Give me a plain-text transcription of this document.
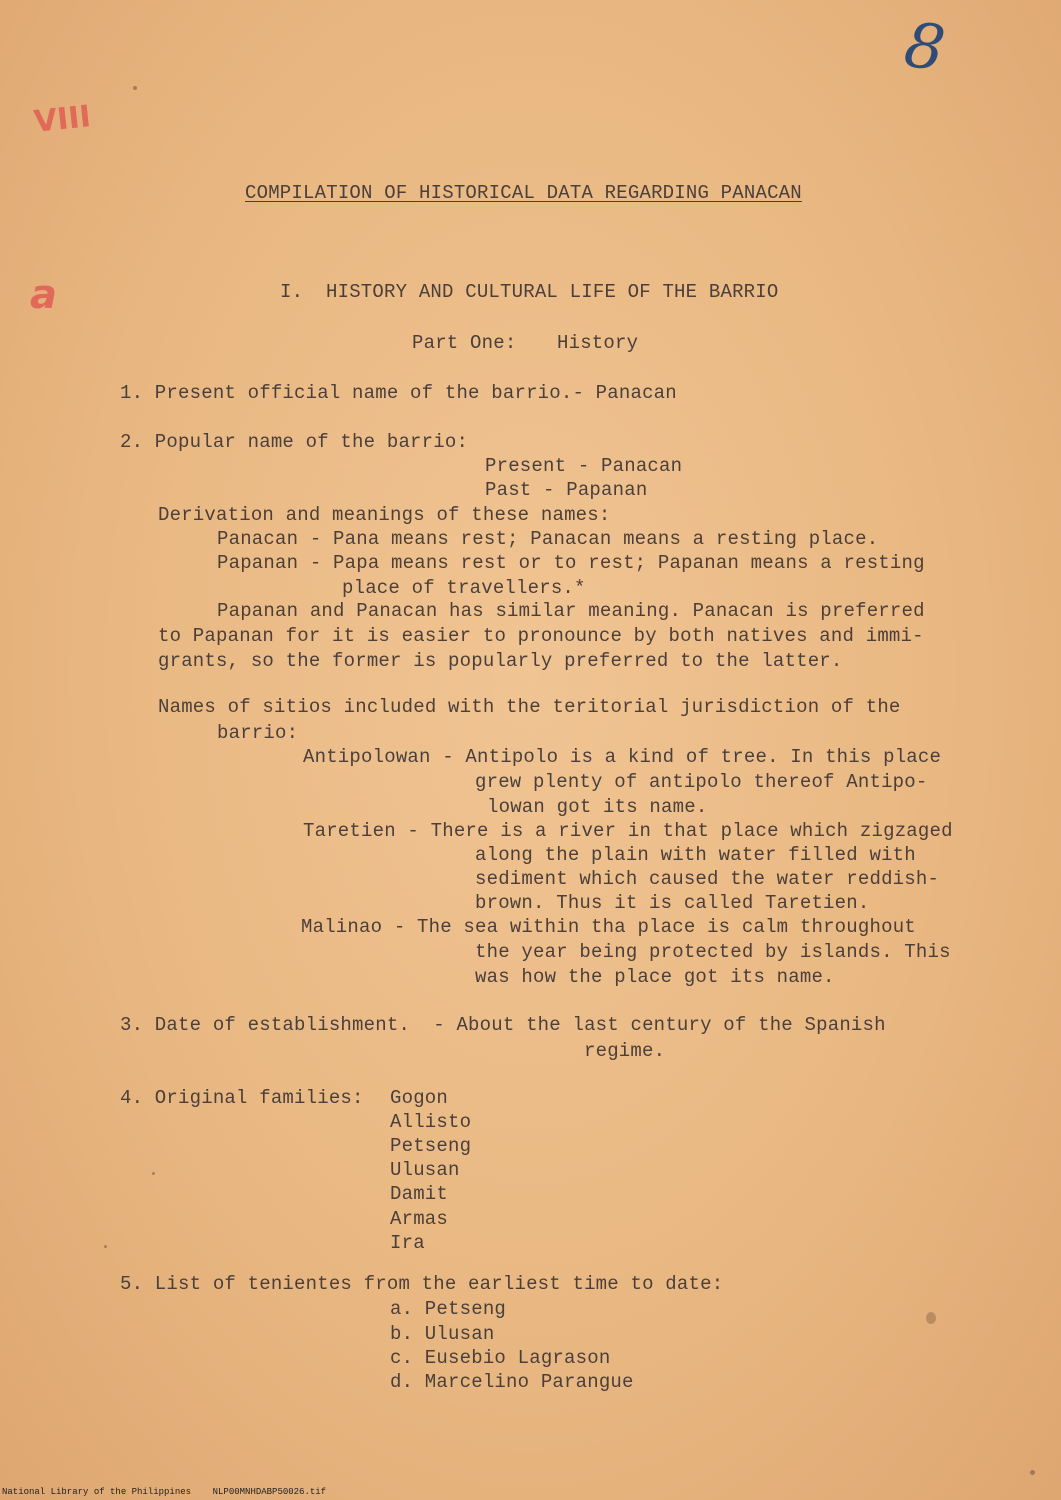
8
VIII
a
COMPILATION OF HISTORICAL DATA REGARDING PANACAN
I. HISTORY AND CULTURAL LIFE OF THE BARRIO
Part One: History
1. Present official name of the barrio.- Panacan
2. Popular name of the barrio:
Present - Panacan
Past - Papanan
Derivation and meanings of these names:
Panacan - Pana means rest; Panacan means a resting place.
Papanan - Papa means rest or to rest; Papanan means a resting
place of travellers.*
Papanan and Panacan has similar meaning. Panacan is preferred
to Papanan for it is easier to pronounce by both natives and immi-
grants, so the former is popularly preferred to the latter.
Names of sitios included with the teritorial jurisdiction of the
barrio:
Antipolowan - Antipolo is a kind of tree. In this place
grew plenty of antipolo thereof Antipo-
lowan got its name.
Taretien - There is a river in that place which zigzaged
along the plain with water filled with
sediment which caused the water reddish-
brown. Thus it is called Taretien.
Malinao - The sea within tha place is calm throughout
the year being protected by islands. This
was how the place got its name.
3. Date of establishment.  - About the last century of the Spanish
regime.
4. Original families: Gogon
Allisto
Petseng
Ulusan
Damit
Armas
Ira
5. List of tenientes from the earliest time to date:
a. Petseng
b. Ulusan
c. Eusebio Lagrason
d. Marcelino Parangue
National Library of the Philippines    NLP00MNHDABP50026.tif
